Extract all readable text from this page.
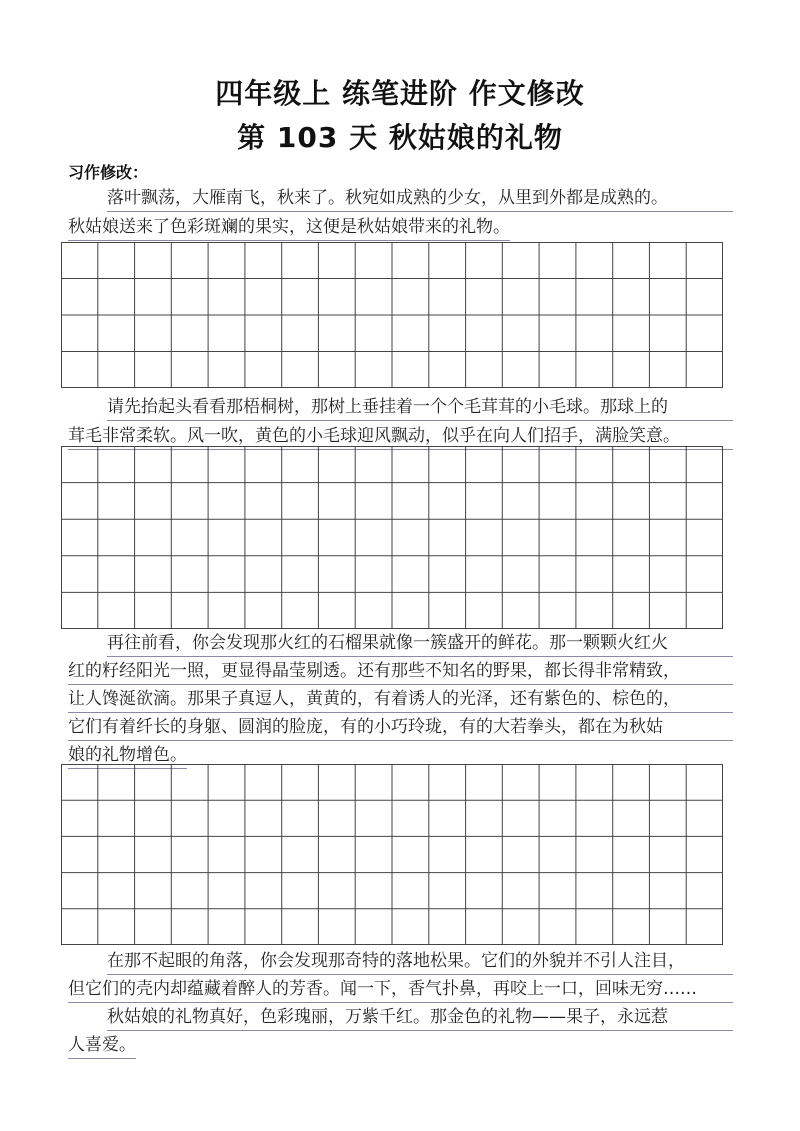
四年级上 练笔进阶 作文修改
第 103 天 秋姑娘的礼物
习作修改：
落叶飘荡，大雁南飞，秋来了。秋宛如成熟的少女，从里到外都是成熟的。
秋姑娘送来了色彩斑斓的果实，这便是秋姑娘带来的礼物。
请先抬起头看看那梧桐树，那树上垂挂着一个个毛茸茸的小毛球。那球上的
茸毛非常柔软。风一吹，黄色的小毛球迎风飘动，似乎在向人们招手，满脸笑意。
再往前看，你会发现那火红的石榴果就像一簇盛开的鲜花。那一颗颗火红火
红的籽经阳光一照，更显得晶莹剔透。还有那些不知名的野果，都长得非常精致，
让人馋涎欲滴。那果子真逗人，黄黄的，有着诱人的光泽，还有紫色的、棕色的，
它们有着纤长的身躯、圆润的脸庞，有的小巧玲珑，有的大若拳头，都在为秋姑
娘的礼物增色。
在那不起眼的角落，你会发现那奇特的落地松果。它们的外貌并不引人注目，
但它们的壳内却蕴藏着醉人的芳香。闻一下，香气扑鼻，再咬上一口，回味无穷……
秋姑娘的礼物真好，色彩瑰丽，万紫千红。那金色的礼物——果子，永远惹
人喜爱。
